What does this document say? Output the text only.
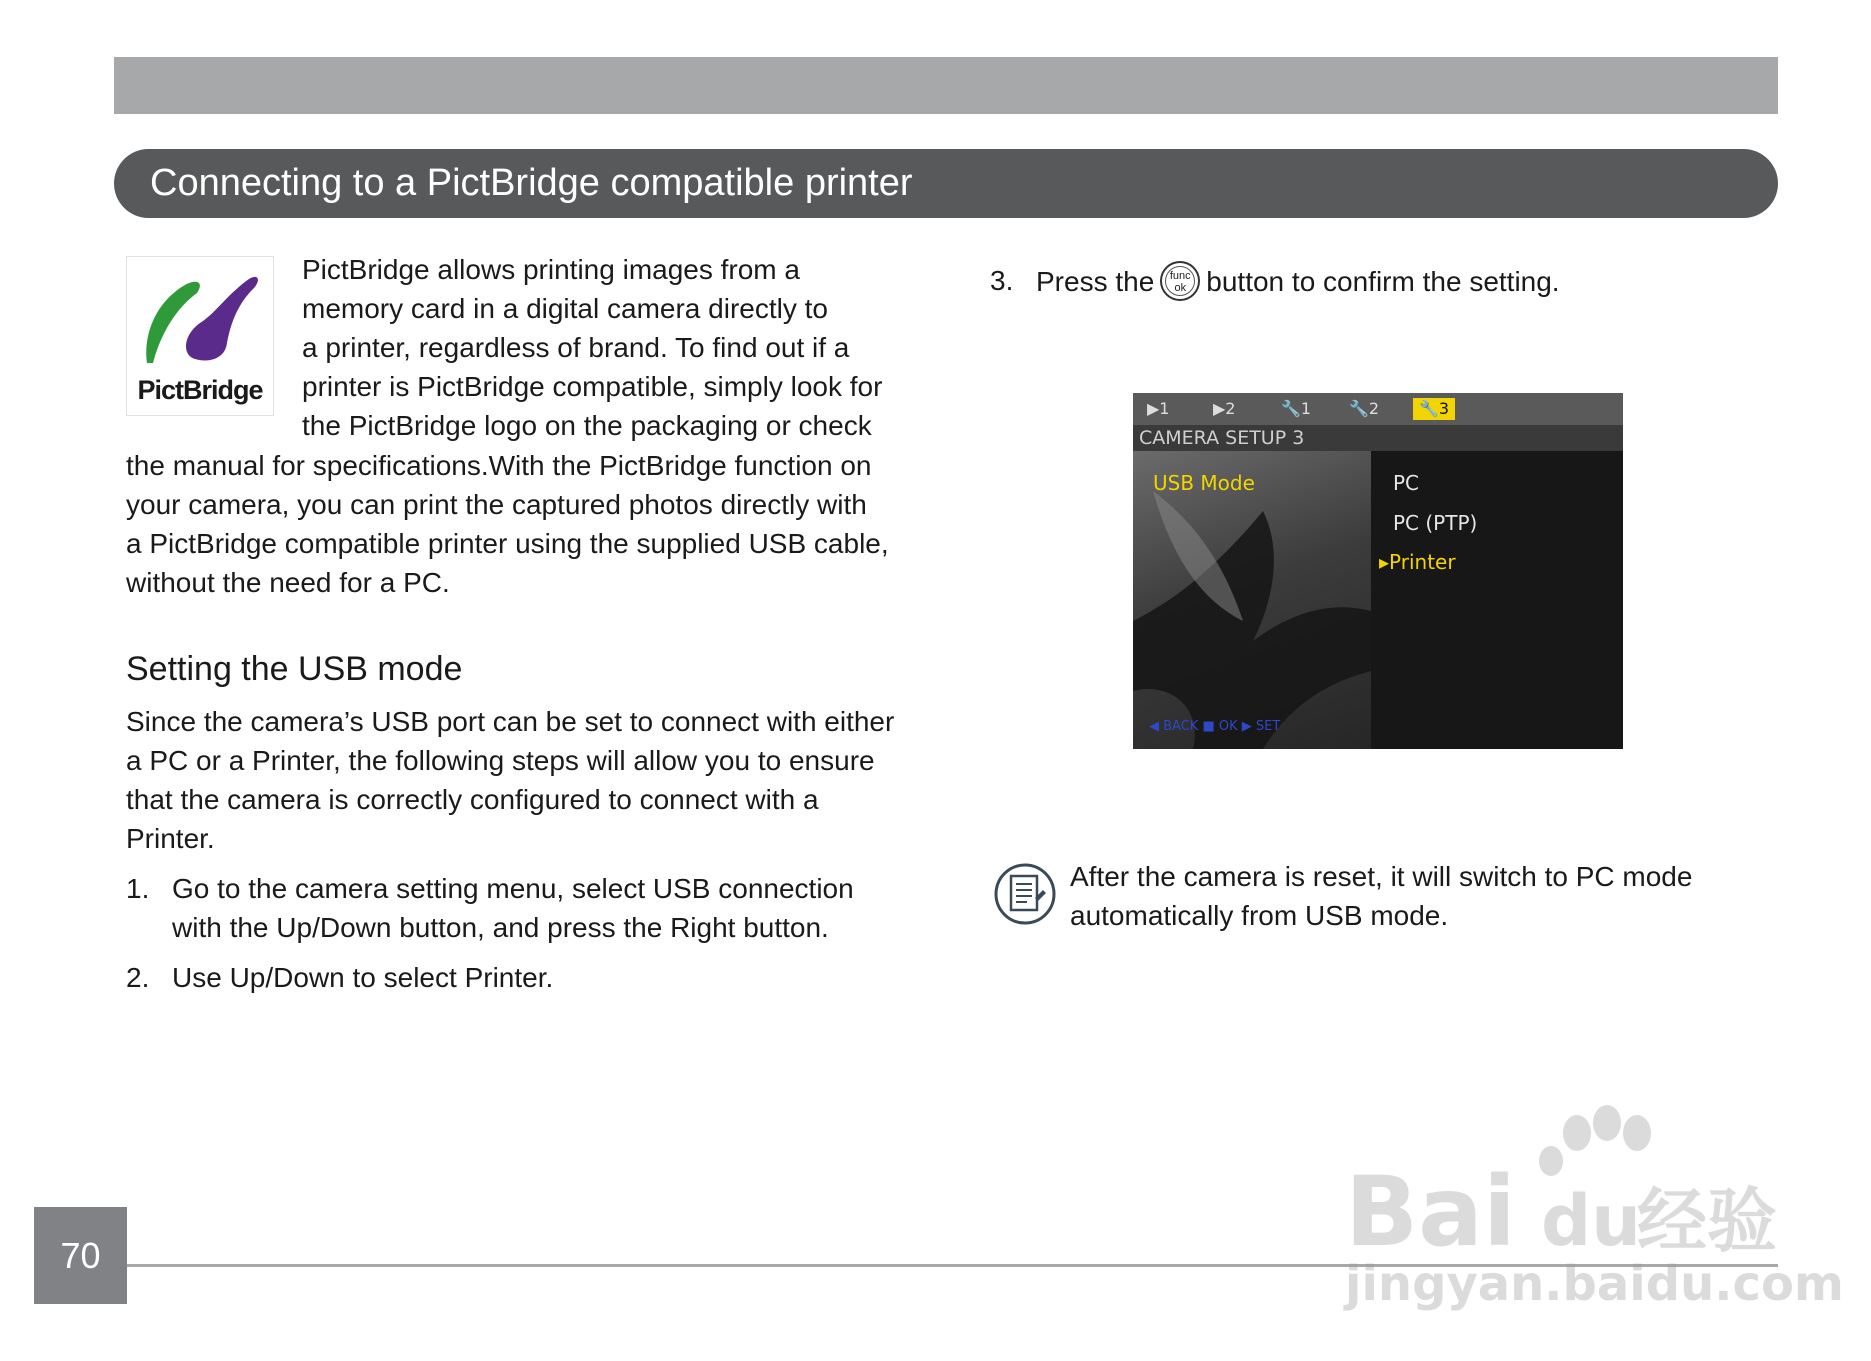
Connecting to a PictBridge compatible printer
PictBridge
PictBridge allows printing images from a
memory card in a digital camera directly to
a printer, regardless of brand. To find out if a
printer is PictBridge compatible, simply look for
the PictBridge logo on the packaging or check
the manual for specifications.With the PictBridge function on
your camera, you can print the captured photos directly with
a PictBridge compatible printer using the supplied USB cable,
without the need for a PC.
Setting the USB mode
Since the camera’s USB port can be set to connect with either
a PC or a Printer, the following steps will allow you to ensure
that the camera is correctly configured to connect with a
Printer.
1. Go to the camera setting menu, select USB connection
with the Up/Down button, and press the Right button.
2. Use Up/Down to select Printer.
3. Press the	func
ok button to confirm the setting.
▶1	▶2	🔧1 🔧2	🔧3
CAMERA SETUP 3
USB Mode	PC
PC (PTP)
▸Printer
◀ BACK ■ OK ▶ SET
After the camera is reset, it will switch to PC mode
automatically from USB mode.
70	Bai du
经验
jingyan.baidu.com
